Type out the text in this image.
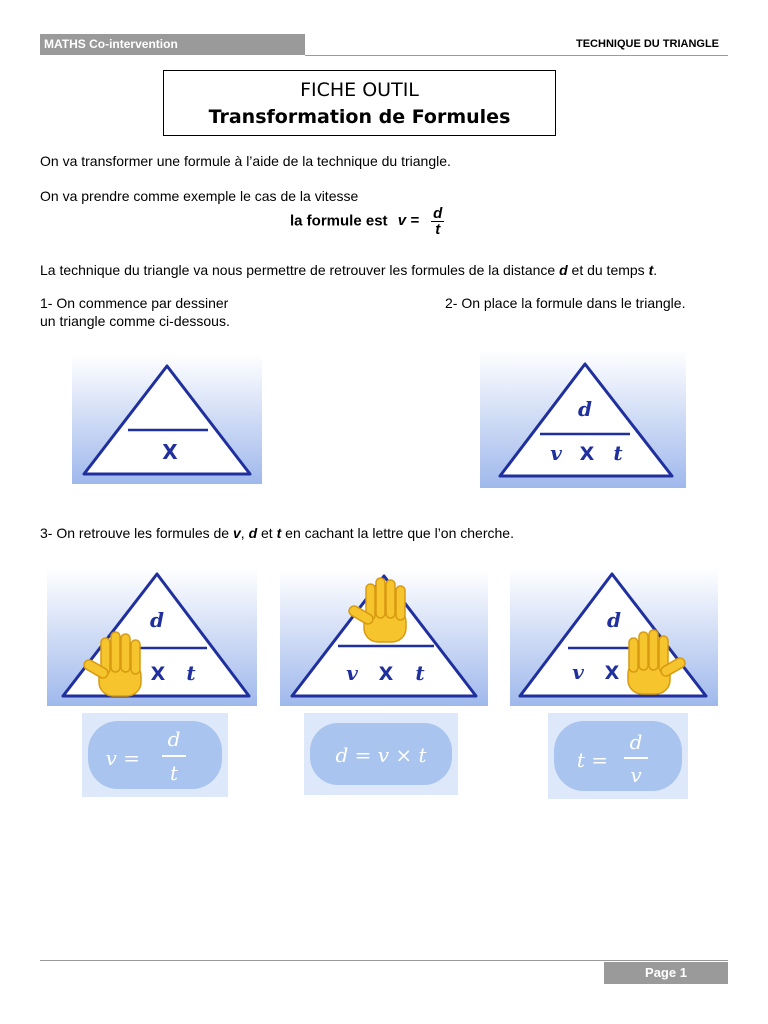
MATHS Co-intervention	TECHNIQUE DU TRIANGLE
FICHE OUTIL
Transformation de Formules
On va transformer une formule à l’aide de la technique du triangle.
On va prendre comme exemple le cas de la vitesse
la formule est $v = \frac{d}{t}$
La technique du triangle va nous permettre de retrouver les formules de la distance d et du temps t.
1- On commence par dessiner
un triangle comme ci-dessous.
2- On place la formule dans le triangle.
X
d
v X t
3- On retrouve les formules de v, d et t en cachant la lettre que l’on cherche.
d
X t	v X t
d
v X
v =
d
t
d = v × t	t =
d
v
Page 1
